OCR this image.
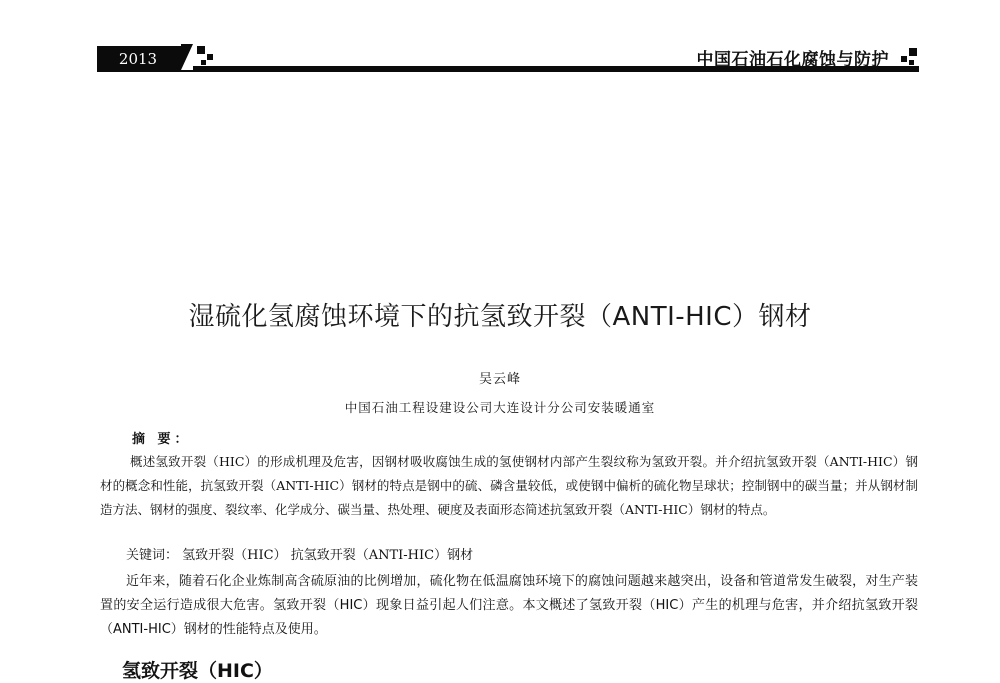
2013	中国石油石化腐蚀与防护
湿硫化氢腐蚀环境下的抗氢致开裂（ANTI-HIC）钢材
吴云峰
中国石油工程设建设公司大连设计分公司安装暖通室
摘 要：
概述氢致开裂（HIC）的形成机理及危害，因钢材吸收腐蚀生成的氢使钢材内部产生裂纹称为氢致开裂。并介绍抗氢致开裂（ANTI-HIC）钢材的概念和性能，抗氢致开裂（ANTI-HIC）钢材的特点是钢中的硫、磷含量较低，或使钢中偏析的硫化物呈球状；控制钢中的碳当量；并从钢材制造方法、钢材的强度、裂纹率、化学成分、碳当量、热处理、硬度及表面形态简述抗氢致开裂（ANTI-HIC）钢材的特点。
关键词： 氢致开裂（HIC） 抗氢致开裂（ANTI-HIC）钢材
近年来，随着石化企业炼制高含硫原油的比例增加，硫化物在低温腐蚀环境下的腐蚀问题越来越突出，设备和管道常发生破裂，对生产装置的安全运行造成很大危害。氢致开裂（HIC）现象日益引起人们注意。本文概述了氢致开裂（HIC）产生的机理与危害，并介绍抗氢致开裂（ANTI-HIC）钢材的性能特点及使用。
氢致开裂（HIC）
